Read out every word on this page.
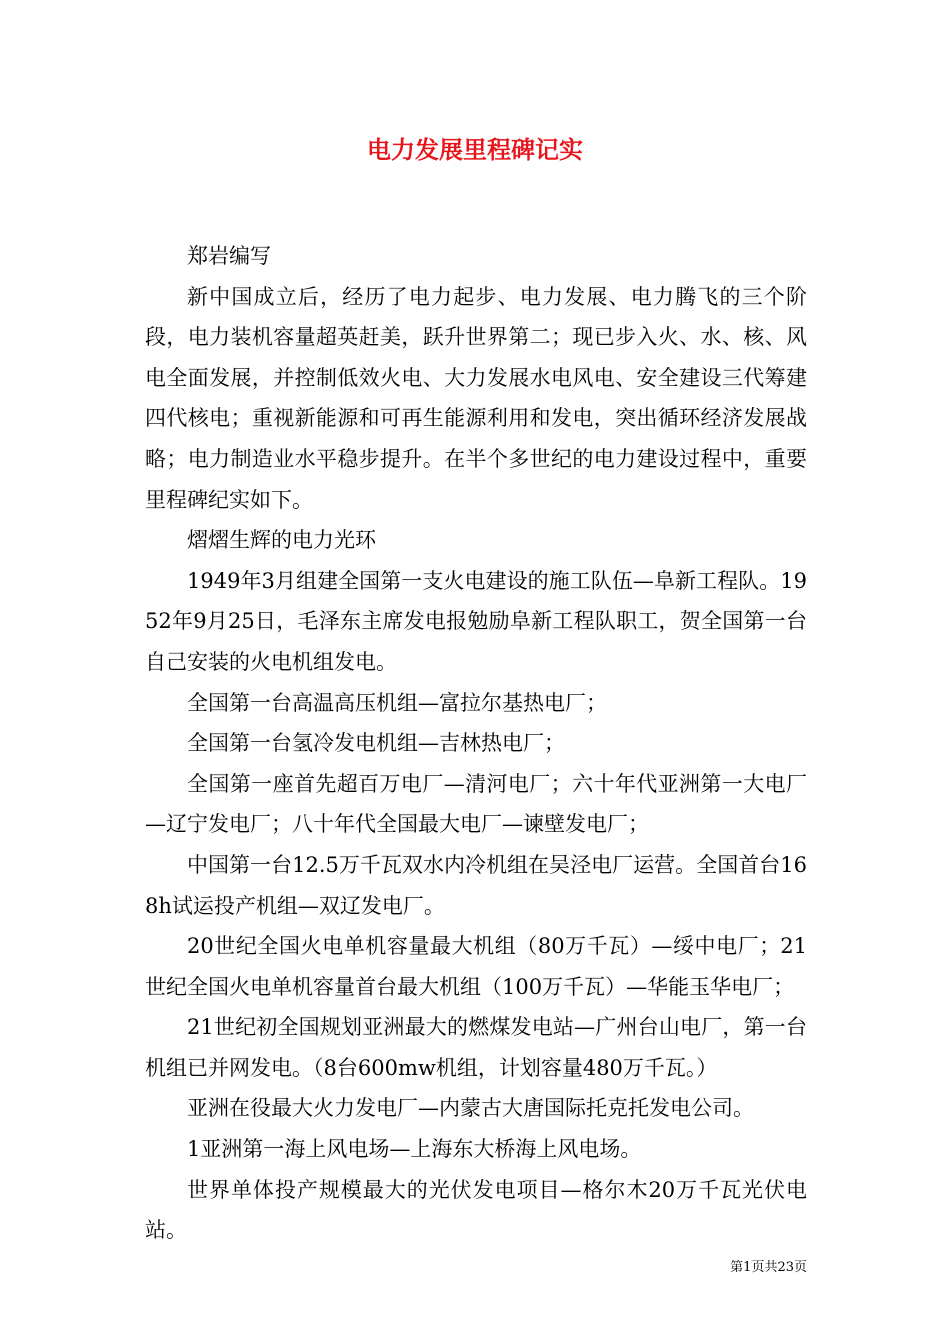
电力发展里程碑记实

郑岩编写

新中国成立后，经历了电力起步、电力发展、电力腾飞的三个阶段，电力装机容量超英赶美，跃升世界第二；现已步入火、水、核、风电全面发展，并控制低效火电、大力发展水电风电、安全建设三代筹建四代核电；重视新能源和可再生能源利用和发电，突出循环经济发展战略；电力制造业水平稳步提升。在半个多世纪的电力建设过程中，重要里程碑纪实如下。

熠熠生辉的电力光环

1949年3月组建全国第一支火电建设的施工队伍—阜新工程队。1952年9月25日，毛泽东主席发电报勉励阜新工程队职工，贺全国第一台自己安装的火电机组发电。

全国第一台高温高压机组—富拉尔基热电厂；

全国第一台氢冷发电机组—吉林热电厂；

全国第一座首先超百万电厂—清河电厂；六十年代亚洲第一大电厂—辽宁发电厂；八十年代全国最大电厂—谏壁发电厂；

中国第一台12.5万千瓦双水内冷机组在吴泾电厂运营。全国首台168h试运投产机组—双辽发电厂。

20世纪全国火电单机容量最大机组（80万千瓦）—绥中电厂；21世纪全国火电单机容量首台最大机组（100万千瓦）—华能玉华电厂；

21世纪初全国规划亚洲最大的燃煤发电站—广州台山电厂，第一台机组已并网发电。（8台600mw机组，计划容量480万千瓦。）

亚洲在役最大火力发电厂—内蒙古大唐国际托克托发电公司。

1亚洲第一海上风电场—上海东大桥海上风电场。

世界单体投产规模最大的光伏发电项目—格尔木20万千瓦光伏电站。

第1页共23页
